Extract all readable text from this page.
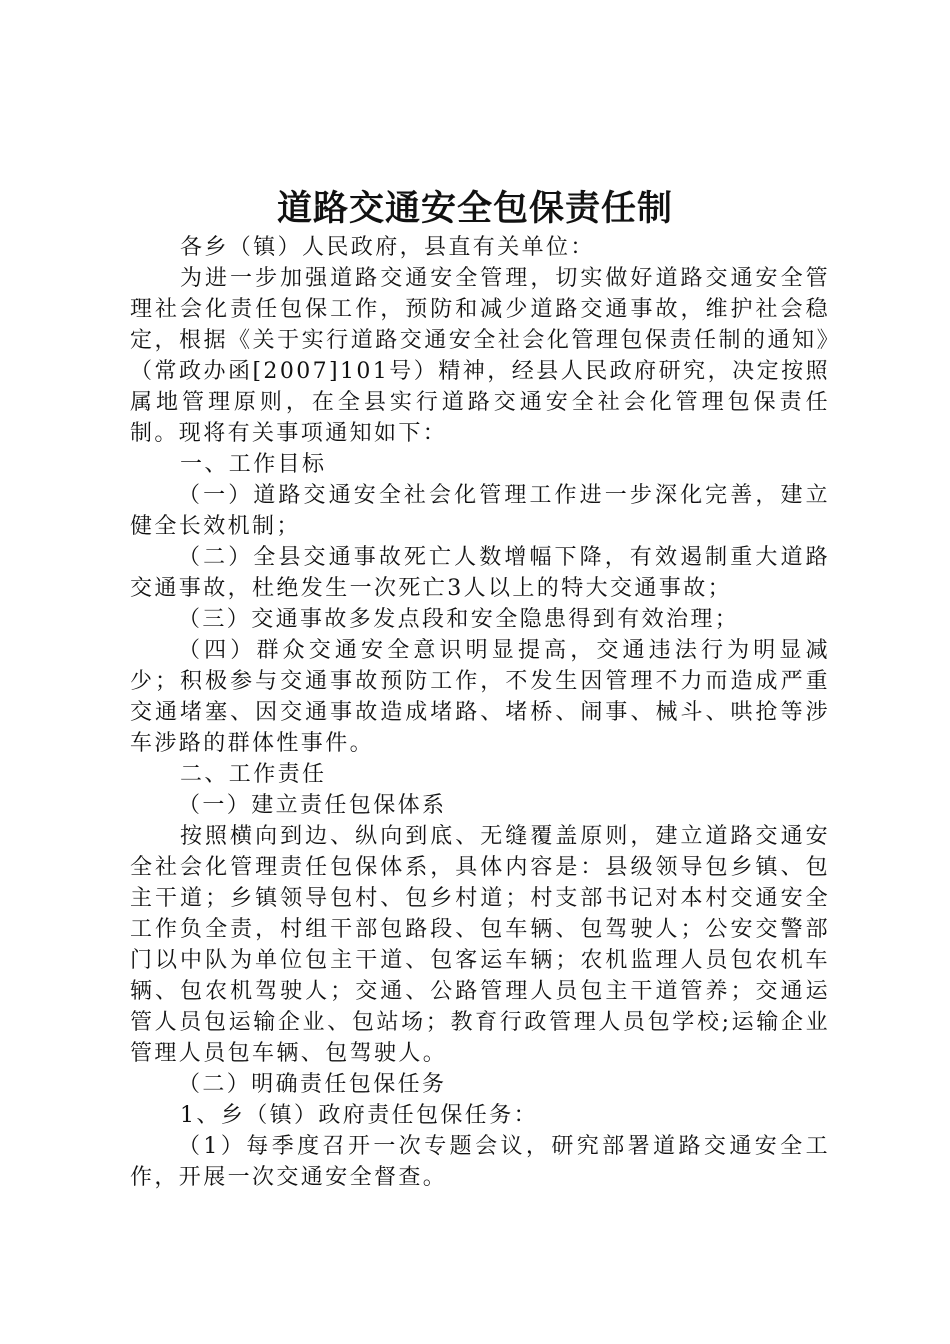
道路交通安全包保责任制

各乡（镇）人民政府，县直有关单位：

为进一步加强道路交通安全管理，切实做好道路交通安全管理社会化责任包保工作，预防和减少道路交通事故，维护社会稳定，根据《关于实行道路交通安全社会化管理包保责任制的通知》（常政办函[2007]101号）精神，经县人民政府研究，决定按照属地管理原则，在全县实行道路交通安全社会化管理包保责任制。现将有关事项通知如下：

一、工作目标

（一）道路交通安全社会化管理工作进一步深化完善，建立健全长效机制；

（二）全县交通事故死亡人数增幅下降，有效遏制重大道路交通事故，杜绝发生一次死亡3人以上的特大交通事故；

（三）交通事故多发点段和安全隐患得到有效治理；

（四）群众交通安全意识明显提高，交通违法行为明显减少；积极参与交通事故预防工作，不发生因管理不力而造成严重交通堵塞、因交通事故造成堵路、堵桥、闹事、械斗、哄抢等涉车涉路的群体性事件。

二、工作责任

（一）建立责任包保体系

按照横向到边、纵向到底、无缝覆盖原则，建立道路交通安全社会化管理责任包保体系，具体内容是：县级领导包乡镇、包主干道；乡镇领导包村、包乡村道；村支部书记对本村交通安全工作负全责，村组干部包路段、包车辆、包驾驶人；公安交警部门以中队为单位包主干道、包客运车辆；农机监理人员包农机车辆、包农机驾驶人；交通、公路管理人员包主干道管养；交通运管人员包运输企业、包站场；教育行政管理人员包学校;运输企业管理人员包车辆、包驾驶人。

（二）明确责任包保任务

1、乡（镇）政府责任包保任务：

（1）每季度召开一次专题会议，研究部署道路交通安全工作，开展一次交通安全督查。
